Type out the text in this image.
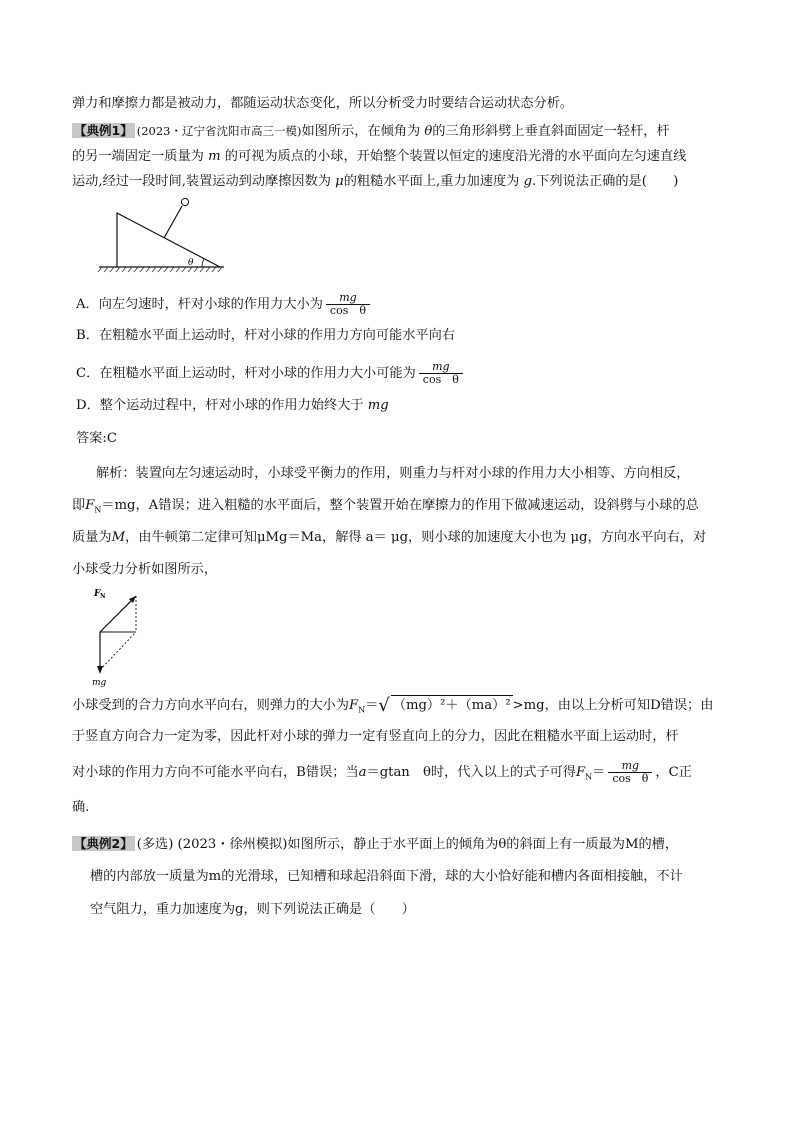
弹力和摩擦力都是被动力，都随运动状态变化，所以分析受力时要结合运动状态分析。
【典例1】 (2023・辽宁省沈阳市高三一模)如图所示，在倾角为 θ的三角形斜劈上垂直斜面固定一轻杆，杆
的另一端固定一质量为 m 的可视为质点的小球，开始整个装置以恒定的速度沿光滑的水平面向左匀速直线
运动,经过一段时间,装置运动到动摩擦因数为 μ的粗糙水平面上,重力加速度为 g.下列说法正确的是(　　)
θ
A．向左匀速时，杆对小球的作用力大小为 $\frac{mg}{\text{cos　θ}}$
B．在粗糙水平面上运动时，杆对小球的作用力方向可能水平向右
C．在粗糙水平面上运动时，杆对小球的作用力大小可能为 $\frac{mg}{\text{cos　θ}}$
D．整个运动过程中，杆对小球的作用力始终大于 mg
答案:C
解析：装置向左匀速运动时，小球受平衡力的作用，则重力与杆对小球的作用力大小相等、方向相反，
即$F_N=mg$，A错误；进入粗糙的水平面后，整个装置开始在摩擦力的作用下做减速运动，设斜劈与小球的总
质量为M，由牛顿第二定律可知μMg＝Ma，解得 a＝ μg，则小球的加速度大小也为 μg，方向水平向右，对
小球受力分析如图所示，
F N
mg
小球受到的合力方向水平向右，则弹力的大小为$F_N=√$ （mg）²＋（ma）² >mg，由以上分析可知D错误；由
于竖直方向合力一定为零，因此杆对小球的弹力一定有竖直向上的分力，因此在粗糙水平面上运动时，杆
对小球的作用力方向不可能水平向右，B错误；当a＝gtan　θ时，代入以上的式子可得$F_N= \frac{mg}{\text{cos　θ}}$ ，C正
确.
【典例2】 (多选) (2023・徐州模拟)如图所示，静止于水平面上的倾角为θ的斜面上有一质最为M的槽，
槽的内部放一质量为m的光滑球，已知槽和球起沿斜面下滑，球的大小恰好能和槽内各面相接触，不计
空气阻力，重力加速度为g，则下列说法正确是（　　）
